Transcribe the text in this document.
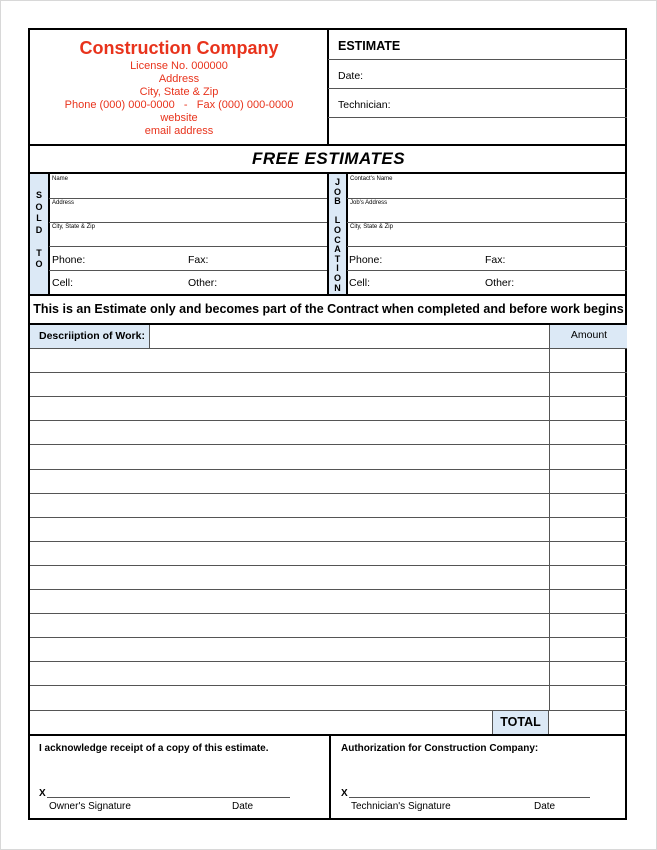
Construction Company
License No. 000000
Address
City, State & Zip
Phone (000) 000-0000   -   Fax (000) 000-0000
website
email address
ESTIMATE
Date:
Technician:
FREE ESTIMATES
S
O
L
D

T
O
Name
Address
City, State & Zip
Phone:	Fax:
Cell:	Other:
J
O
B

L
O
C
A
T
I
O
N
Contact's Name
Job's Address
City, State & Zip
Phone:	Fax:
Cell:	Other:
This is an Estimate only and becomes part of the Contract when completed and before work begins
Descriiption of Work:	Amount
TOTAL
I acknowledge receipt of a copy of this estimate.
X
Owner's Signature	Date
Authorization for Construction Company:
X
Technician's Signature	Date
